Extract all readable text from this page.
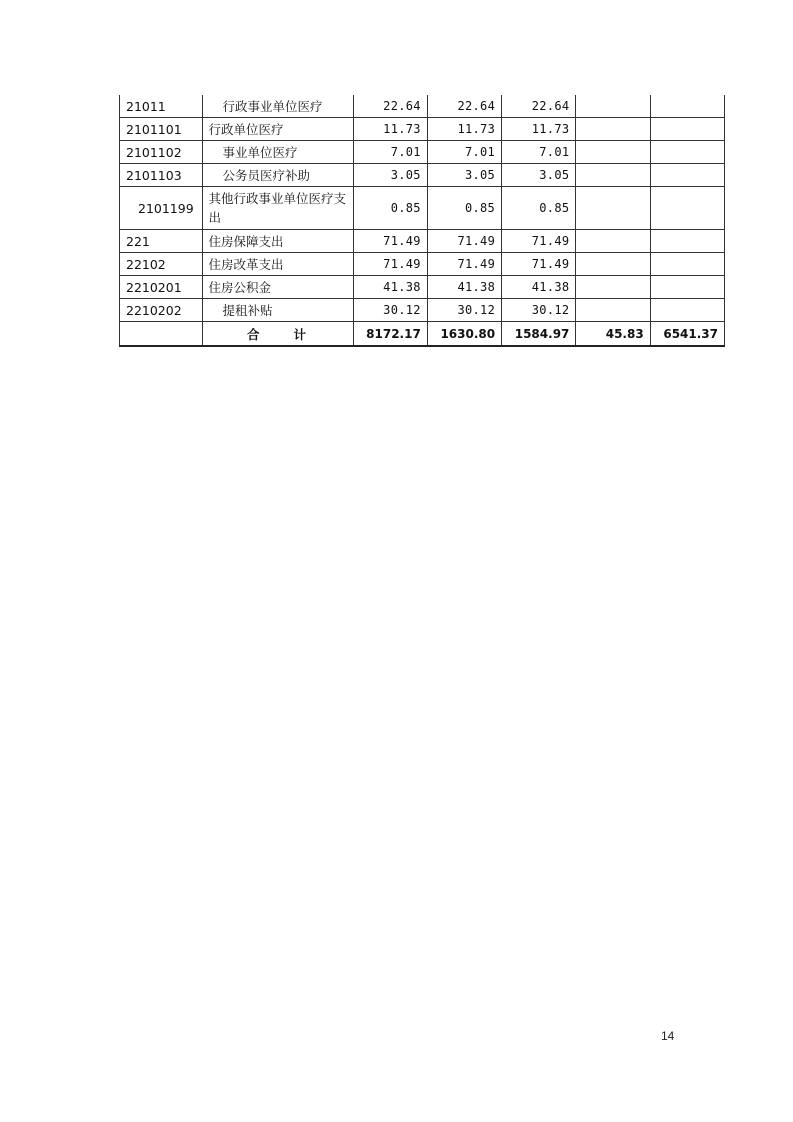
21011	行政事业单位医疗	22.64	22.64	22.64		
2101101	行政单位医疗	11.73	11.73	11.73		
2101102	事业单位医疗	7.01	7.01	7.01		
2101103	公务员医疗补助	3.05	3.05	3.05		
2101199	其他行政事业单位医疗支出	0.85	0.85	0.85		
221	住房保障支出	71.49	71.49	71.49		
22102	住房改革支出	71.49	71.49	71.49		
2210201	住房公积金	41.38	41.38	41.38		
2210202	提租补贴	30.12	30.12	30.12		
	合计	8172.17	1630.80	1584.97	45.83	6541.37
14
